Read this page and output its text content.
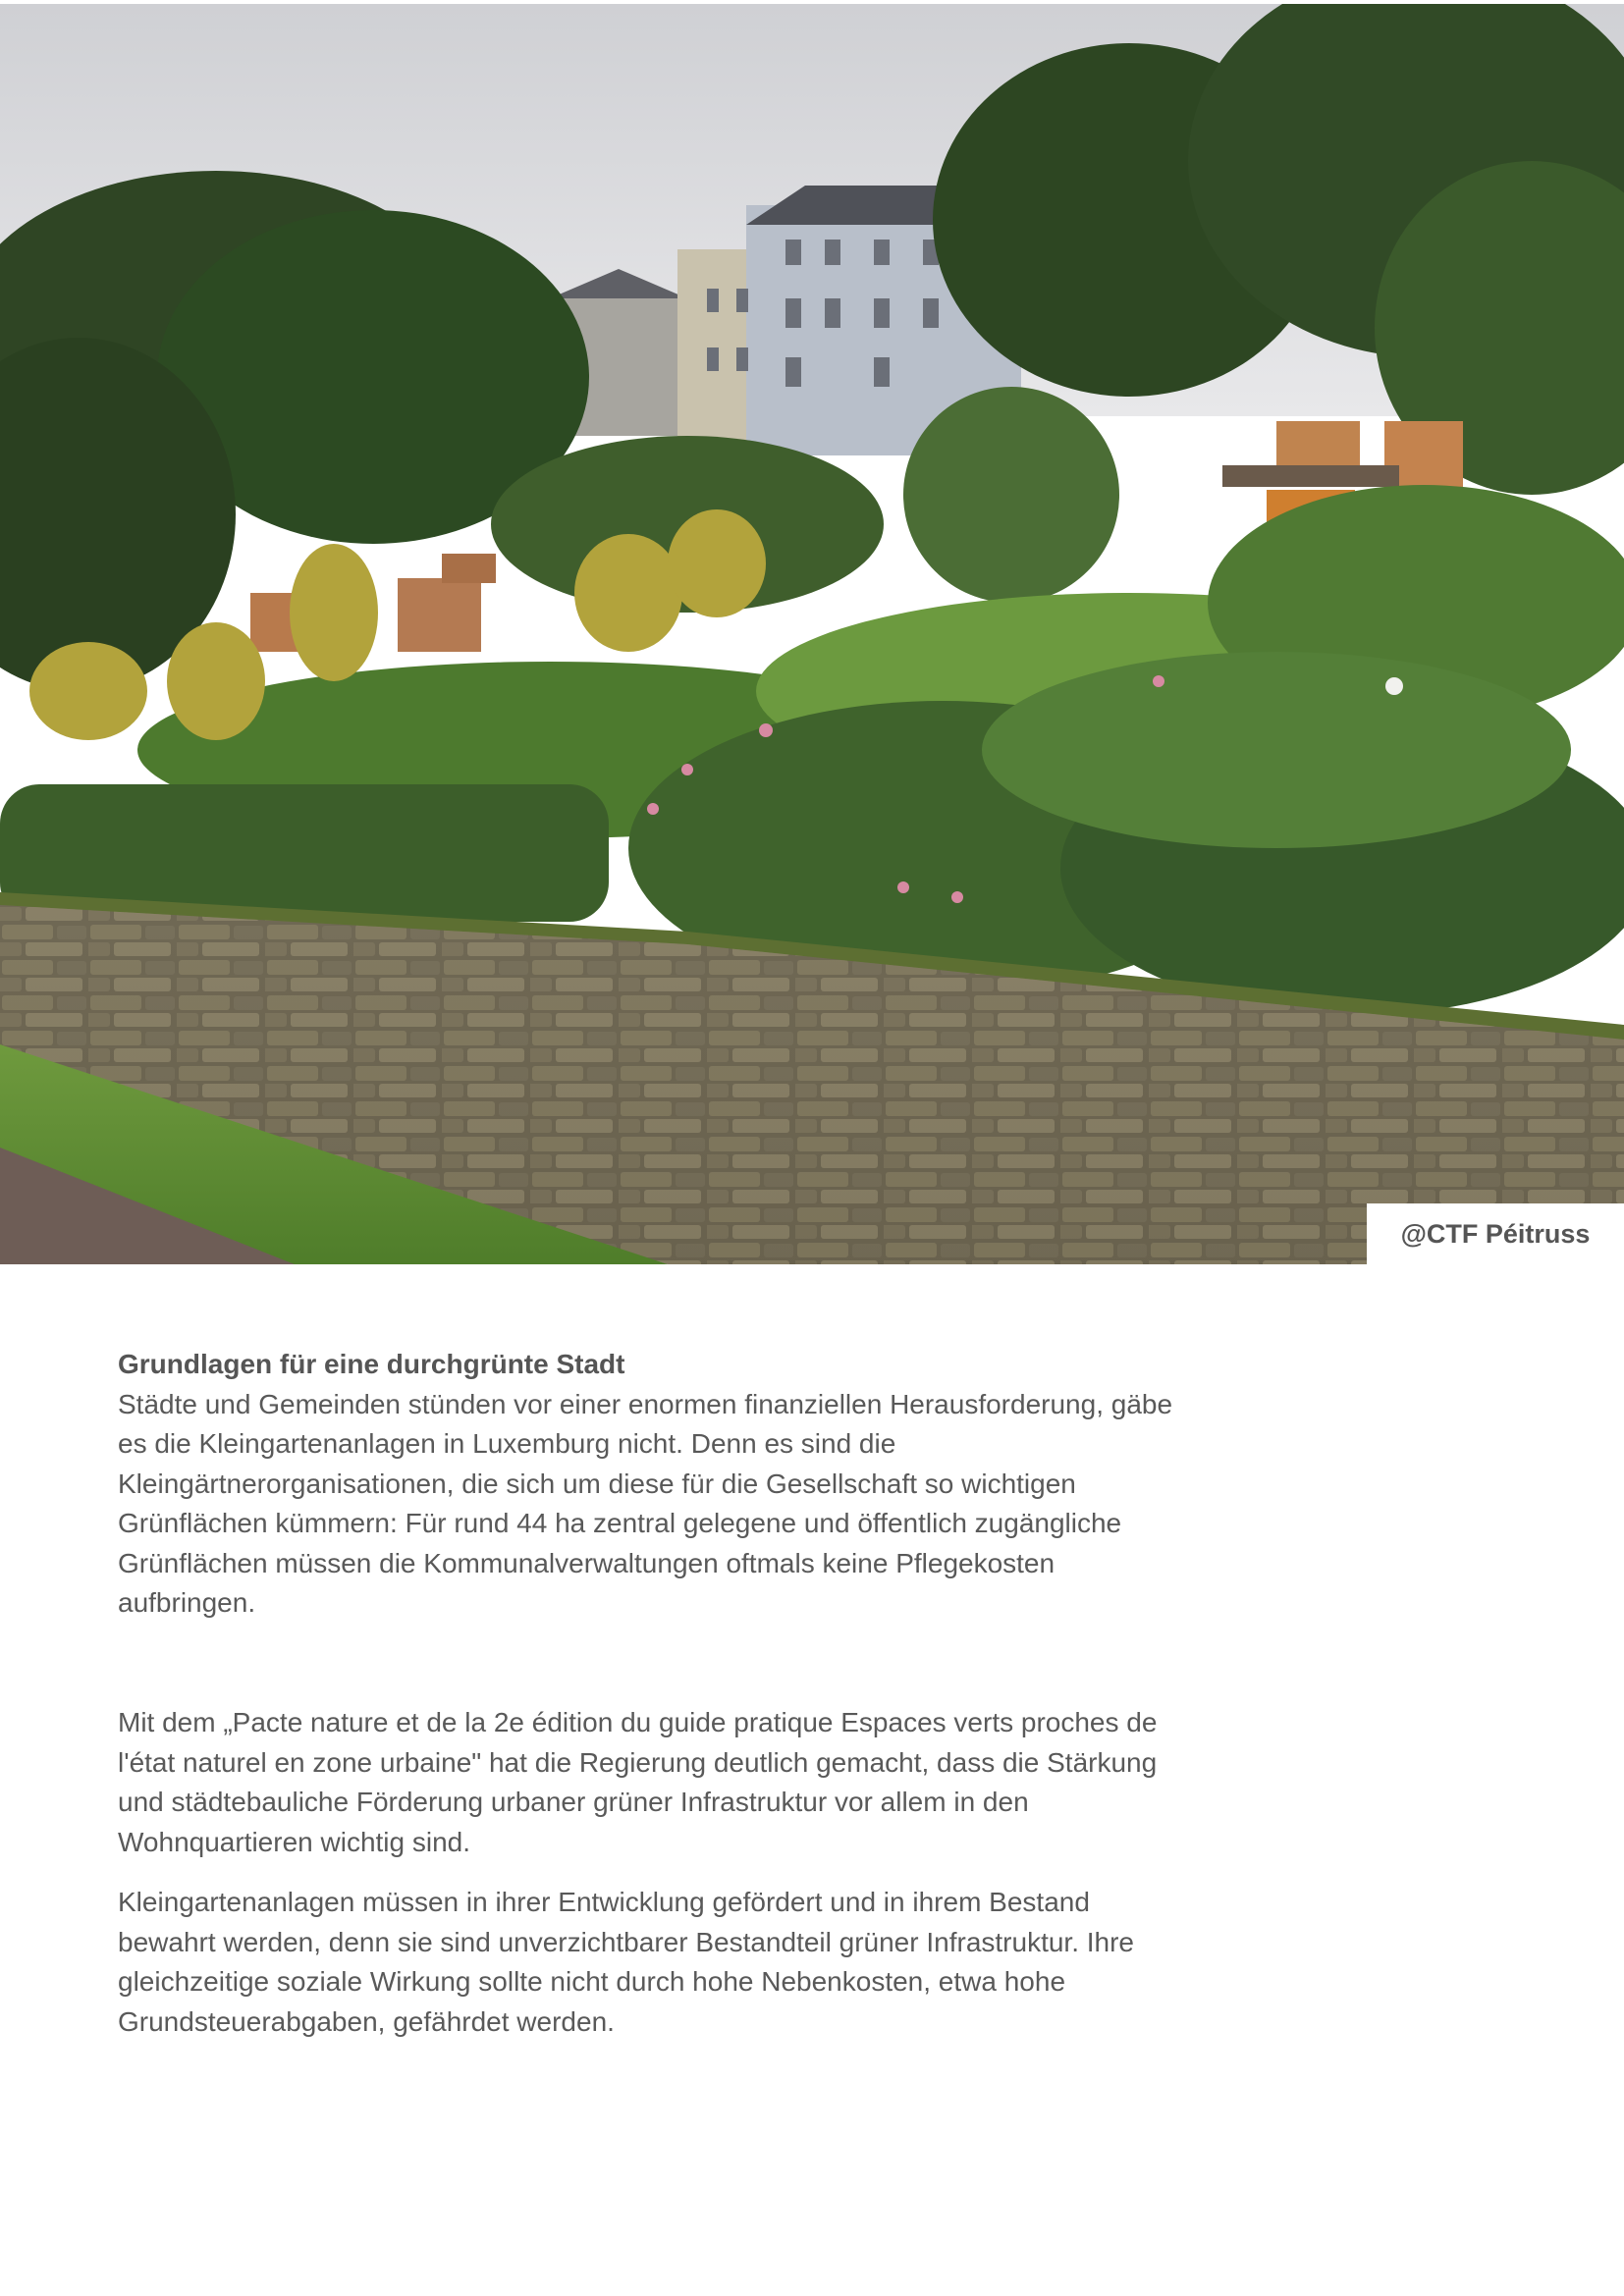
@CTF Péitruss

Grundlagen für eine durchgrünte Stadt

Städte und Gemeinden stünden vor einer enormen finanziellen Herausforderung, gäbe es die Kleingartenanlagen in Luxemburg nicht. Denn es sind die Kleingärtnerorganisationen, die sich um diese für die Gesellschaft so wichtigen Grünflächen kümmern: Für rund 44 ha zentral gelegene und öffentlich zugängliche Grünflächen müssen die Kommunalverwaltungen oftmals keine Pflegekosten aufbringen.

Mit dem „Pacte nature et de la 2e édition du guide pratique Espaces verts proches de l'état naturel en zone urbaine" hat die Regierung deutlich gemacht, dass die Stärkung und städtebauliche Förderung urbaner grüner Infrastruktur vor allem in den Wohnquartieren wichtig sind.

Kleingartenanlagen müssen in ihrer Entwicklung gefördert und in ihrem Bestand bewahrt werden, denn sie sind unverzichtbarer Bestandteil grüner Infrastruktur. Ihre gleichzeitige soziale Wirkung sollte nicht durch hohe Nebenkosten, etwa hohe Grundsteuerabgaben, gefährdet werden.
